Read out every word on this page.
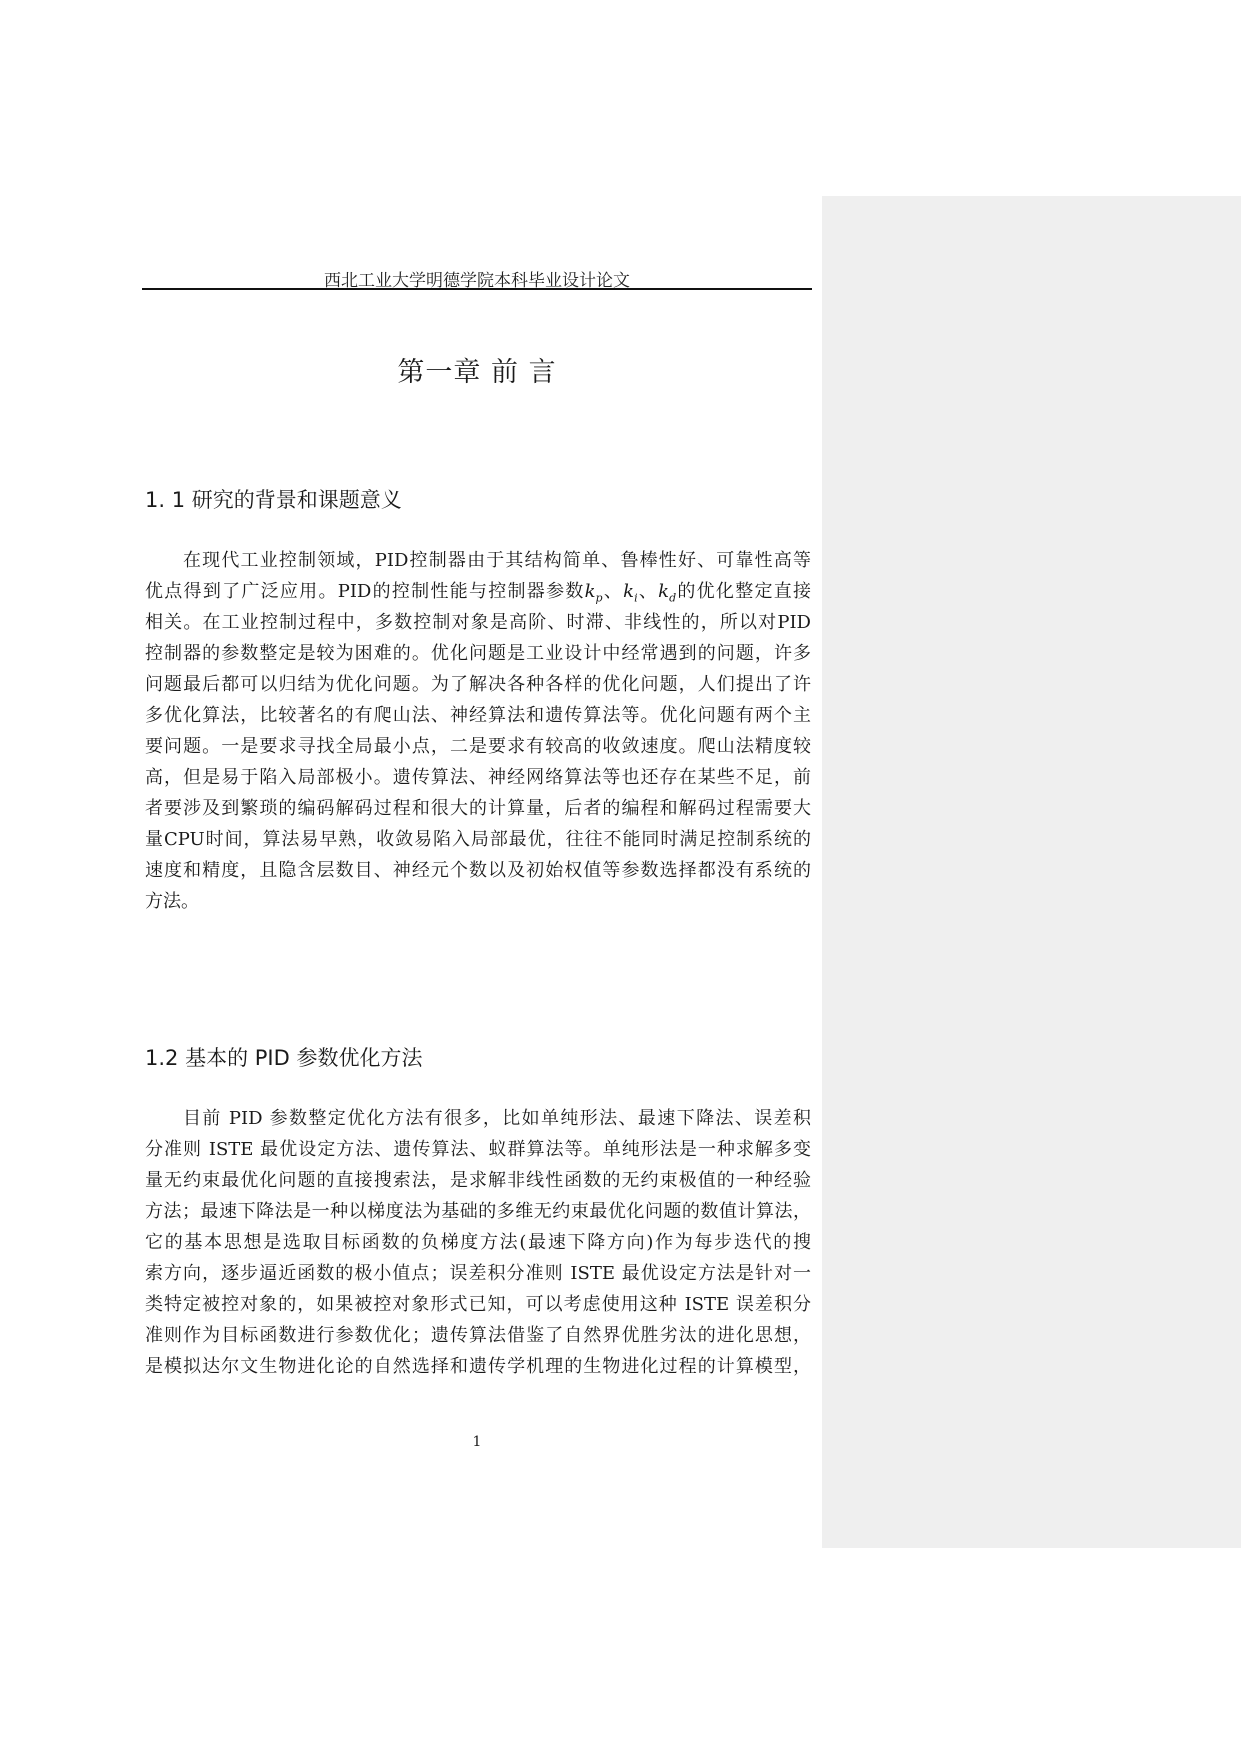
西北工业大学明德学院本科毕业设计论文
第一章 前 言
1. 1 研究的背景和课题意义
在现代工业控制领域，PID控制器由于其结构简单、鲁棒性好、可靠性高等
优点得到了广泛应用。PID的控制性能与控制器参数$k_p$、$k_i$、$k_d$的优化整定直接
相关。在工业控制过程中，多数控制对象是高阶、时滞、非线性的，所以对PID
控制器的参数整定是较为困难的。优化问题是工业设计中经常遇到的问题，许多
问题最后都可以归结为优化问题。为了解决各种各样的优化问题，人们提出了许
多优化算法，比较著名的有爬山法、神经算法和遗传算法等。优化问题有两个主
要问题。一是要求寻找全局最小点，二是要求有较高的收敛速度。爬山法精度较
高，但是易于陷入局部极小。遗传算法、神经网络算法等也还存在某些不足，前
者要涉及到繁琐的编码解码过程和很大的计算量，后者的编程和解码过程需要大
量CPU时间，算法易早熟，收敛易陷入局部最优，往往不能同时满足控制系统的
速度和精度，且隐含层数目、神经元个数以及初始权值等参数选择都没有系统的
方法。
1.2 基本的 PID 参数优化方法
目前 PID 参数整定优化方法有很多，比如单纯形法、最速下降法、误差积
分准则 ISTE 最优设定方法、遗传算法、蚁群算法等。单纯形法是一种求解多变
量无约束最优化问题的直接搜索法，是求解非线性函数的无约束极值的一种经验
方法；最速下降法是一种以梯度法为基础的多维无约束最优化问题的数值计算法，
它的基本思想是选取目标函数的负梯度方法(最速下降方向)作为每步迭代的搜
索方向，逐步逼近函数的极小值点；误差积分准则 ISTE 最优设定方法是针对一
类特定被控对象的，如果被控对象形式已知，可以考虑使用这种 ISTE 误差积分
准则作为目标函数进行参数优化；遗传算法借鉴了自然界优胜劣汰的进化思想，
是模拟达尔文生物进化论的自然选择和遗传学机理的生物进化过程的计算模型，
1
